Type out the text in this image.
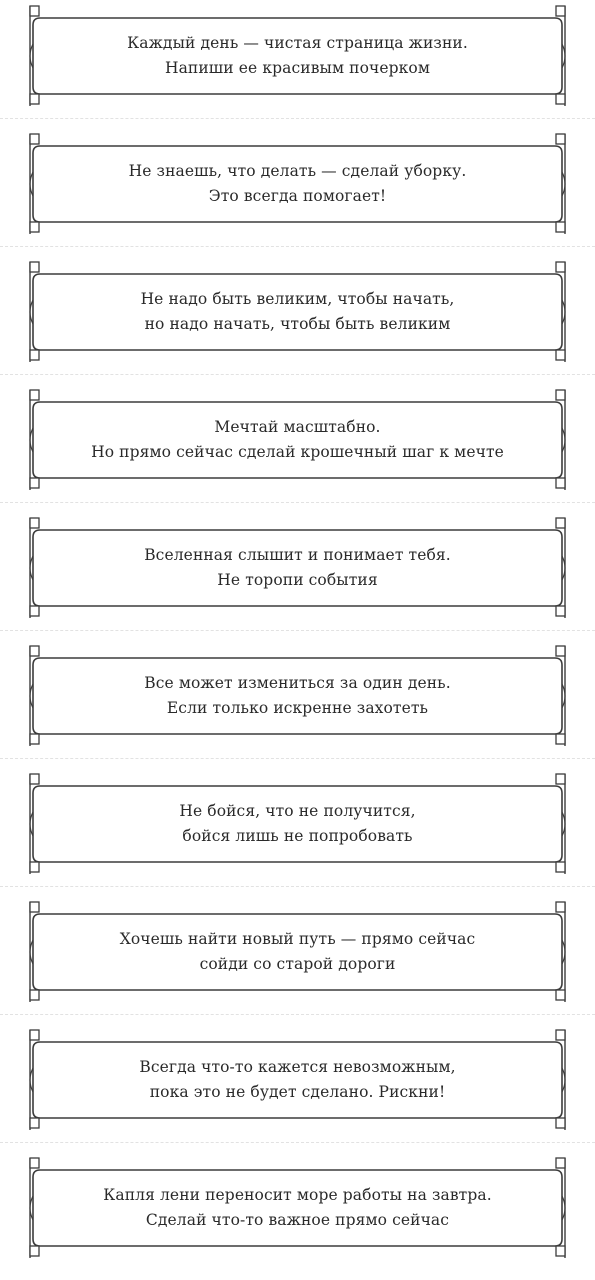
Каждый день — чистая страница жизни.
Напиши ее красивым почерком
Не знаешь, что делать — сделай уборку.
Это всегда помогает!
Не надо быть великим, чтобы начать,
но надо начать, чтобы быть великим
Мечтай масштабно.
Но прямо сейчас сделай крошечный шаг к мечте
Вселенная слышит и понимает тебя.
Не торопи события
Все может измениться за один день.
Если только искренне захотеть
Не бойся, что не получится,
бойся лишь не попробовать
Хочешь найти новый путь — прямо сейчас
сойди со старой дороги
Всегда что-то кажется невозможным,
пока это не будет сделано. Рискни!
Капля лени переносит море работы на завтра.
Сделай что-то важное прямо сейчас
